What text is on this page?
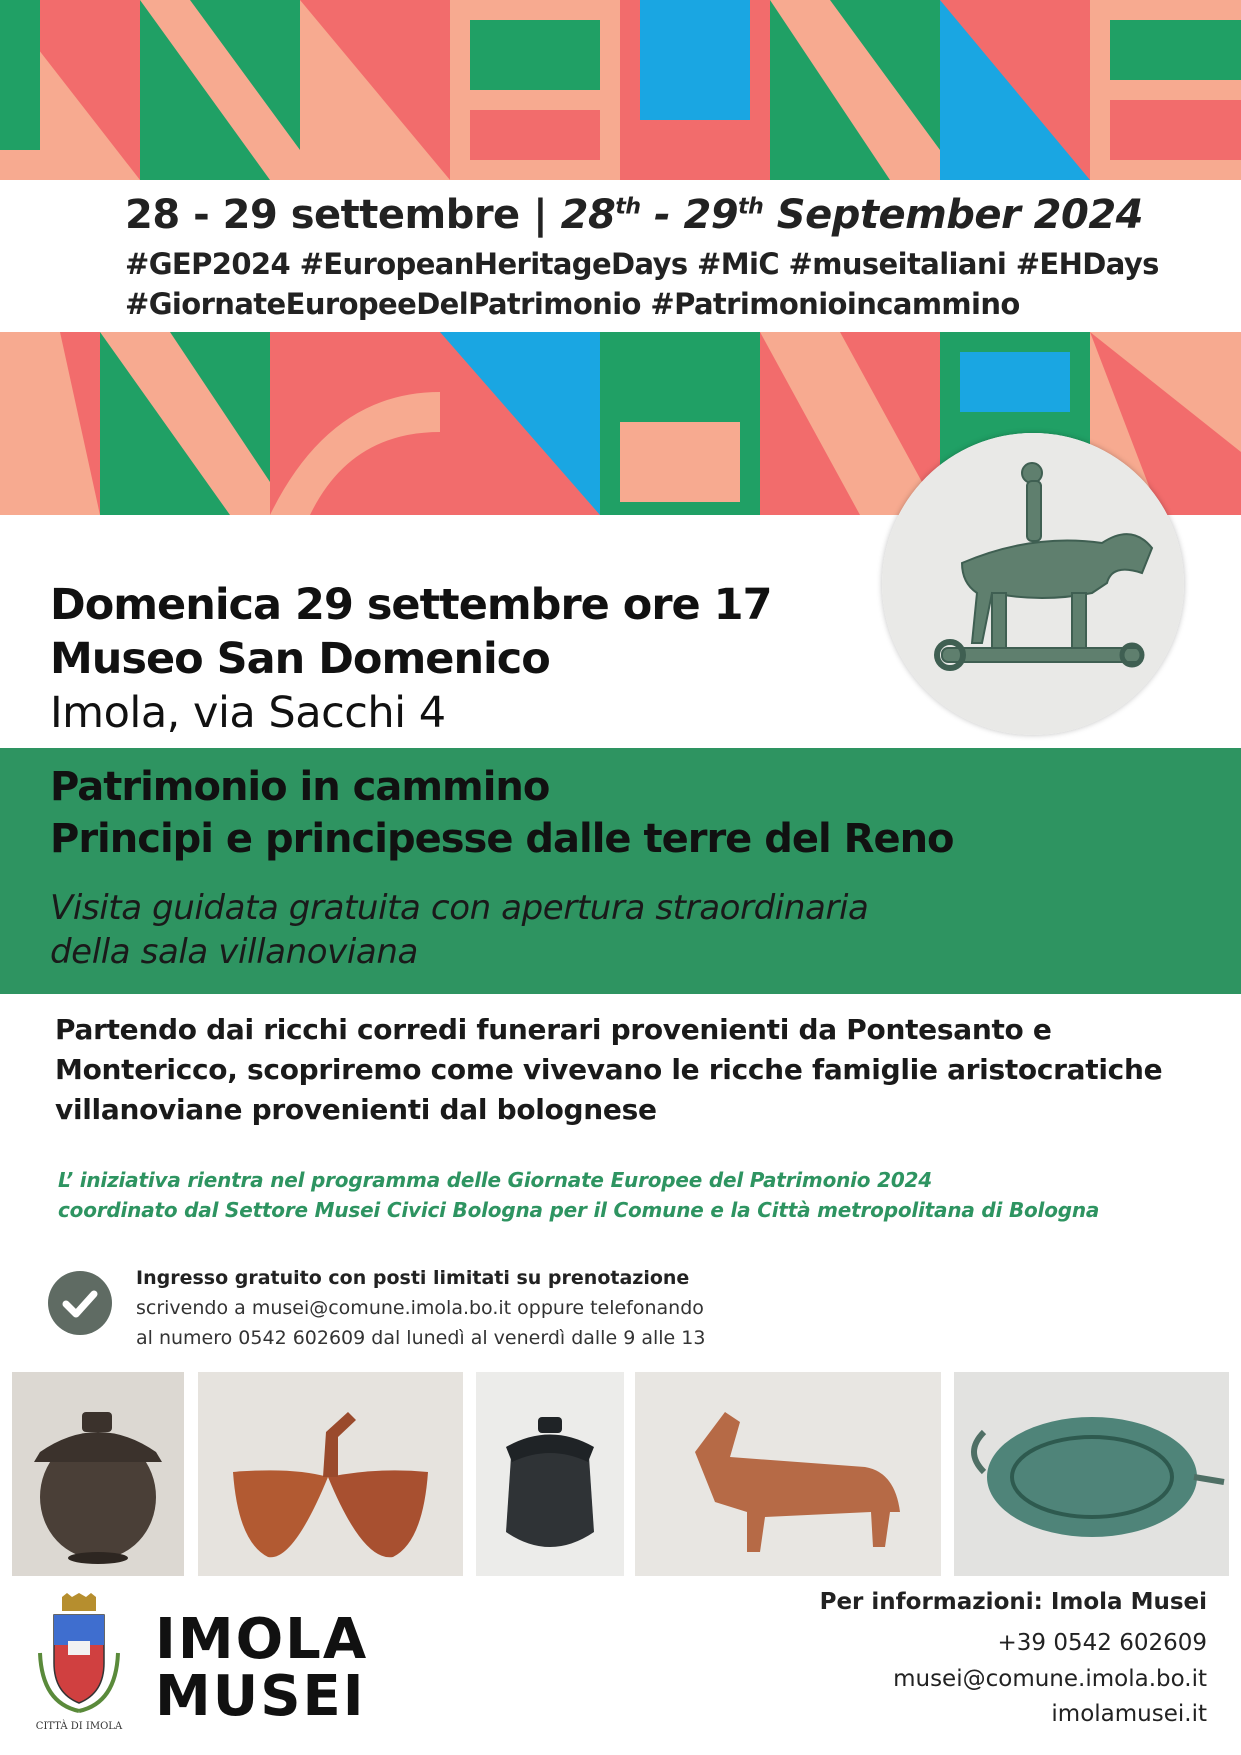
28 - 29 settembre | 28th - 29th September 2024
#GEP2024 #EuropeanHeritageDays #MiC #museitaliani #EHDays
#GiornateEuropeeDelPatrimonio #Patrimonioincammino
Domenica 29 settembre ore 17
Museo San Domenico
Imola, via Sacchi 4
Patrimonio in cammino
Principi e principesse dalle terre del Reno
Visita guidata gratuita con apertura straordinaria
della sala villanoviana
Partendo dai ricchi corredi funerari provenienti da Pontesanto e
Montericco, scopriremo come vivevano le ricche famiglie aristocratiche
villanoviane provenienti dal bolognese
L’ iniziativa rientra nel programma delle Giornate Europee del Patrimonio 2024
coordinato dal Settore Musei Civici Bologna per il Comune e la Città metropolitana di Bologna
Ingresso gratuito con posti limitati su prenotazione
scrivendo a musei@comune.imola.bo.it oppure telefonando
al numero 0542 602609 dal lunedì al venerdì dalle 9 alle 13
CITTÀ DI IMOLA
IMOLA
MUSEI
Per informazioni: Imola Musei
+39 0542 602609
musei@comune.imola.bo.it
imolamusei.it
